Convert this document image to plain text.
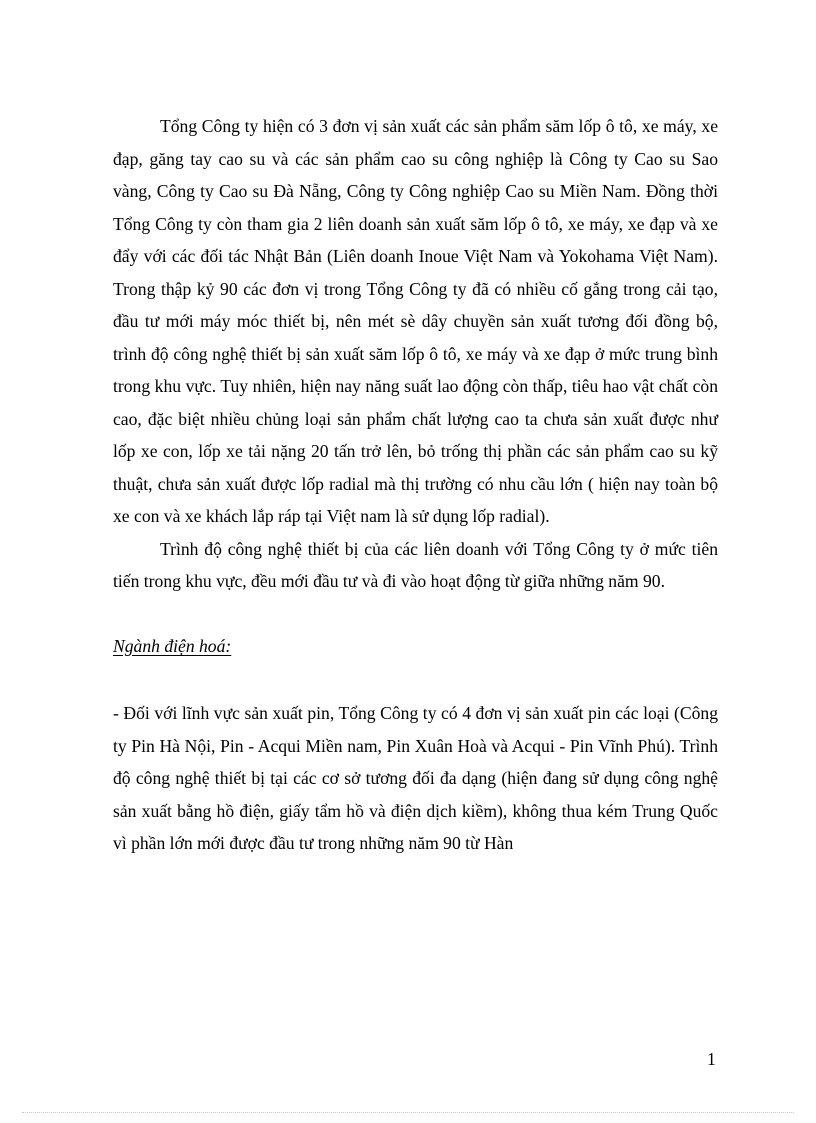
Tổng Công ty hiện có 3 đơn vị sản xuất các sản phẩm săm lốp ô tô, xe máy, xe đạp, găng tay cao su và các sản phẩm cao su công nghiệp là Công ty Cao su Sao vàng, Công ty Cao su Đà Nẵng, Công ty Công nghiệp Cao su Miền Nam. Đồng thời Tổng Công ty còn tham gia 2 liên doanh sản xuất săm lốp ô tô, xe máy, xe đạp và xe đẩy với các đối tác Nhật Bản (Liên doanh Inoue Việt Nam và Yokohama Việt Nam). Trong thập kỷ 90 các đơn vị trong Tổng Công ty đã có nhiều cố gắng trong cải tạo, đầu tư mới máy móc thiết bị, nên mét sè dây chuyền sản xuất tương đối đồng bộ, trình độ công nghệ thiết bị sản xuất săm lốp ô tô, xe máy và xe đạp ở mức trung bình trong khu vực. Tuy nhiên, hiện nay năng suất lao động còn thấp, tiêu hao vật chất còn cao, đặc biệt nhiều chủng loại sản phẩm chất lượng cao ta chưa sản xuất được như lốp xe con, lốp xe tải nặng 20 tấn trở lên, bỏ trống thị phần các sản phẩm cao su kỹ thuật, chưa sản xuất được lốp radial mà thị trường có nhu cầu lớn ( hiện nay toàn bộ xe con và xe khách lắp ráp tại Việt nam là sử dụng lốp radial).

Trình độ công nghệ thiết bị của các liên doanh với Tổng Công ty ở mức tiên tiến trong khu vực, đều mới đầu tư và đi vào hoạt động từ giữa những năm 90.

Ngành điện hoá:

- Đối với lĩnh vực sản xuất pin, Tổng Công ty có 4 đơn vị sản xuất pin các loại (Công ty Pin Hà Nội, Pin - Acqui Miền nam, Pin Xuân Hoà và Acqui - Pin Vĩnh Phú). Trình độ công nghệ thiết bị tại các cơ sở tương đối đa dạng (hiện đang sử dụng công nghệ sản xuất bằng hồ điện, giấy tẩm hồ và điện dịch kiềm), không thua kém Trung Quốc vì phần lớn mới được đầu tư trong những năm 90 từ Hàn

1
